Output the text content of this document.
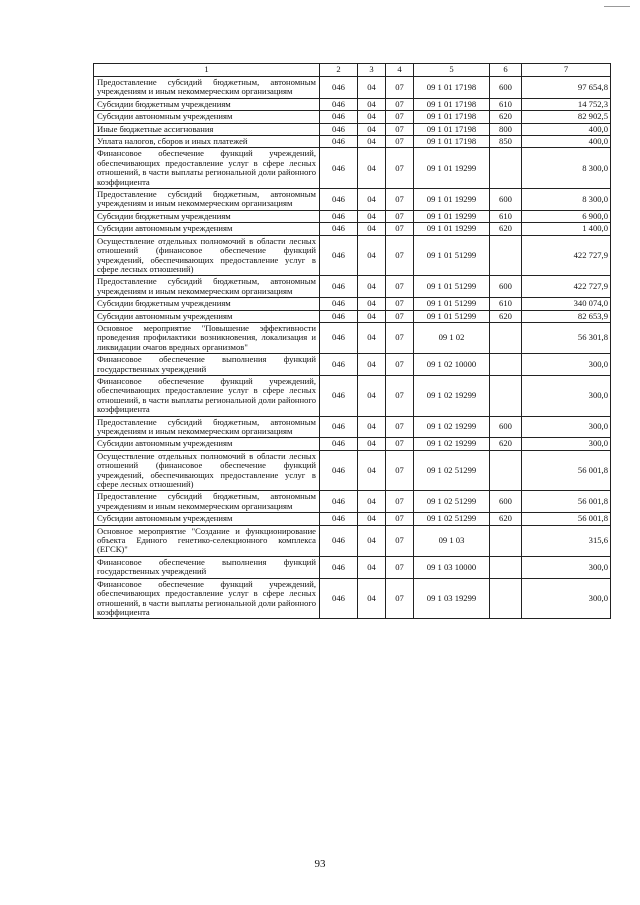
1	2	3	4	5	6	7
Предоставление субсидий бюджетным, автономным учреждениям и иным некоммерческим организациям	046	04	07	09 1 01 17198	600	97 654,8
Субсидии бюджетным учреждениям	046	04	07	09 1 01 17198	610	14 752,3
Субсидии автономным учреждениям	046	04	07	09 1 01 17198	620	82 902,5
Иные бюджетные ассигнования	046	04	07	09 1 01 17198	800	400,0
Уплата налогов, сборов и иных платежей	046	04	07	09 1 01 17198	850	400,0
Финансовое обеспечение функций учреждений, обеспечивающих предоставление услуг в сфере лесных отношений, в части выплаты региональной доли районного коэффициента	046	04	07	09 1 01 19299		8 300,0
Предоставление субсидий бюджетным, автономным учреждениям и иным некоммерческим организациям	046	04	07	09 1 01 19299	600	8 300,0
Субсидии бюджетным учреждениям	046	04	07	09 1 01 19299	610	6 900,0
Субсидии автономным учреждениям	046	04	07	09 1 01 19299	620	1 400,0
Осуществление отдельных полномочий в области лесных отношений (финансовое обеспечение функций учреждений, обеспечивающих предоставление услуг в сфере лесных отношений)	046	04	07	09 1 01 51299		422 727,9
Предоставление субсидий бюджетным, автономным учреждениям и иным некоммерческим организациям	046	04	07	09 1 01 51299	600	422 727,9
Субсидии бюджетным учреждениям	046	04	07	09 1 01 51299	610	340 074,0
Субсидии автономным учреждениям	046	04	07	09 1 01 51299	620	82 653,9
Основное мероприятие "Повышение эффективности проведения профилактики возникновения, локализация и ликвидации очагов вредных организмов"	046	04	07	09 1 02		56 301,8
Финансовое обеспечение выполнения функций государственных учреждений	046	04	07	09 1 02 10000		300,0
Финансовое обеспечение функций учреждений, обеспечивающих предоставление услуг в сфере лесных отношений, в части выплаты региональной доли районного коэффициента	046	04	07	09 1 02 19299		300,0
Предоставление субсидий бюджетным, автономным учреждениям и иным некоммерческим организациям	046	04	07	09 1 02 19299	600	300,0
Субсидии автономным учреждениям	046	04	07	09 1 02 19299	620	300,0
Осуществление отдельных полномочий в области лесных отношений (финансовое обеспечение функций учреждений, обеспечивающих предоставление услуг в сфере лесных отношений)	046	04	07	09 1 02 51299		56 001,8
Предоставление субсидий бюджетным, автономным учреждениям и иным некоммерческим организациям	046	04	07	09 1 02 51299	600	56 001,8
Субсидии автономным учреждениям	046	04	07	09 1 02 51299	620	56 001,8
Основное мероприятие "Создание и функционирование объекта Единого генетико-селекционного комплекса (ЕГСК)"	046	04	07	09 1 03		315,6
Финансовое обеспечение выполнения функций государственных учреждений	046	04	07	09 1 03 10000		300,0
Финансовое обеспечение функций учреждений, обеспечивающих предоставление услуг в сфере лесных отношений, в части выплаты региональной доли районного коэффициента	046	04	07	09 1 03 19299		300,0
93
